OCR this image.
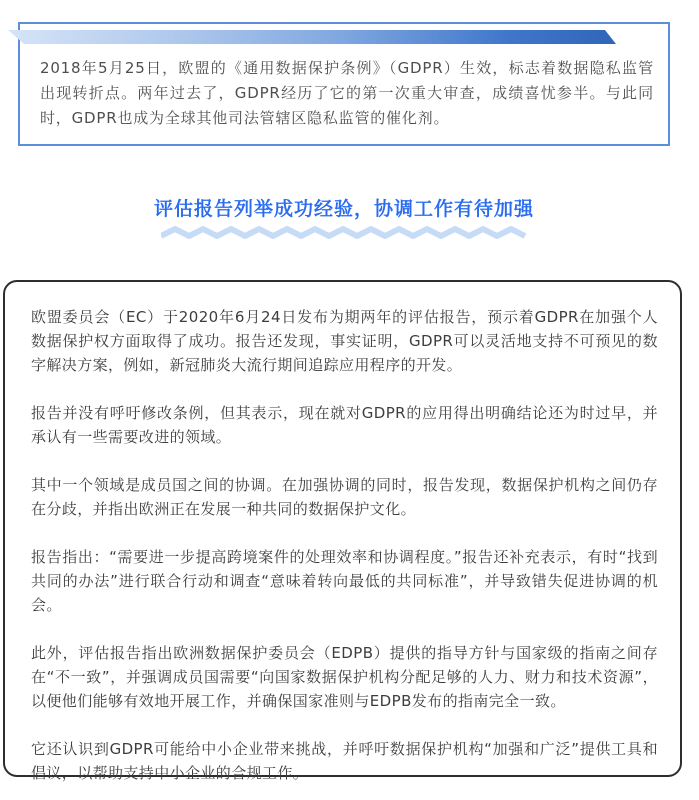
2018年5月25日，欧盟的《通用数据保护条例》（GDPR）生效，标志着数据隐私监管出现转折点。两年过去了，GDPR经历了它的第一次重大审查，成绩喜忧参半。与此同时，GDPR也成为全球其他司法管辖区隐私监管的催化剂。

评估报告列举成功经验，协调工作有待加强

欧盟委员会（EC）于2020年6月24日发布为期两年的评估报告，预示着GDPR在加强个人数据保护权方面取得了成功。报告还发现，事实证明，GDPR可以灵活地支持不可预见的数字解决方案，例如，新冠肺炎大流行期间追踪应用程序的开发。

报告并没有呼吁修改条例，但其表示，现在就对GDPR的应用得出明确结论还为时过早，并承认有一些需要改进的领域。

其中一个领域是成员国之间的协调。在加强协调的同时，报告发现，数据保护机构之间仍存在分歧，并指出欧洲正在发展一种共同的数据保护文化。

报告指出：“需要进一步提高跨境案件的处理效率和协调程度。”报告还补充表示，有时“找到共同的办法”进行联合行动和调查“意味着转向最低的共同标准”，并导致错失促进协调的机会。

此外，评估报告指出欧洲数据保护委员会（EDPB）提供的指导方针与国家级的指南之间存在“不一致”，并强调成员国需要“向国家数据保护机构分配足够的人力、财力和技术资源”，以便他们能够有效地开展工作，并确保国家准则与EDPB发布的指南完全一致。

它还认识到GDPR可能给中小企业带来挑战，并呼吁数据保护机构“加强和广泛”提供工具和倡议，以帮助支持中小企业的合规工作。
